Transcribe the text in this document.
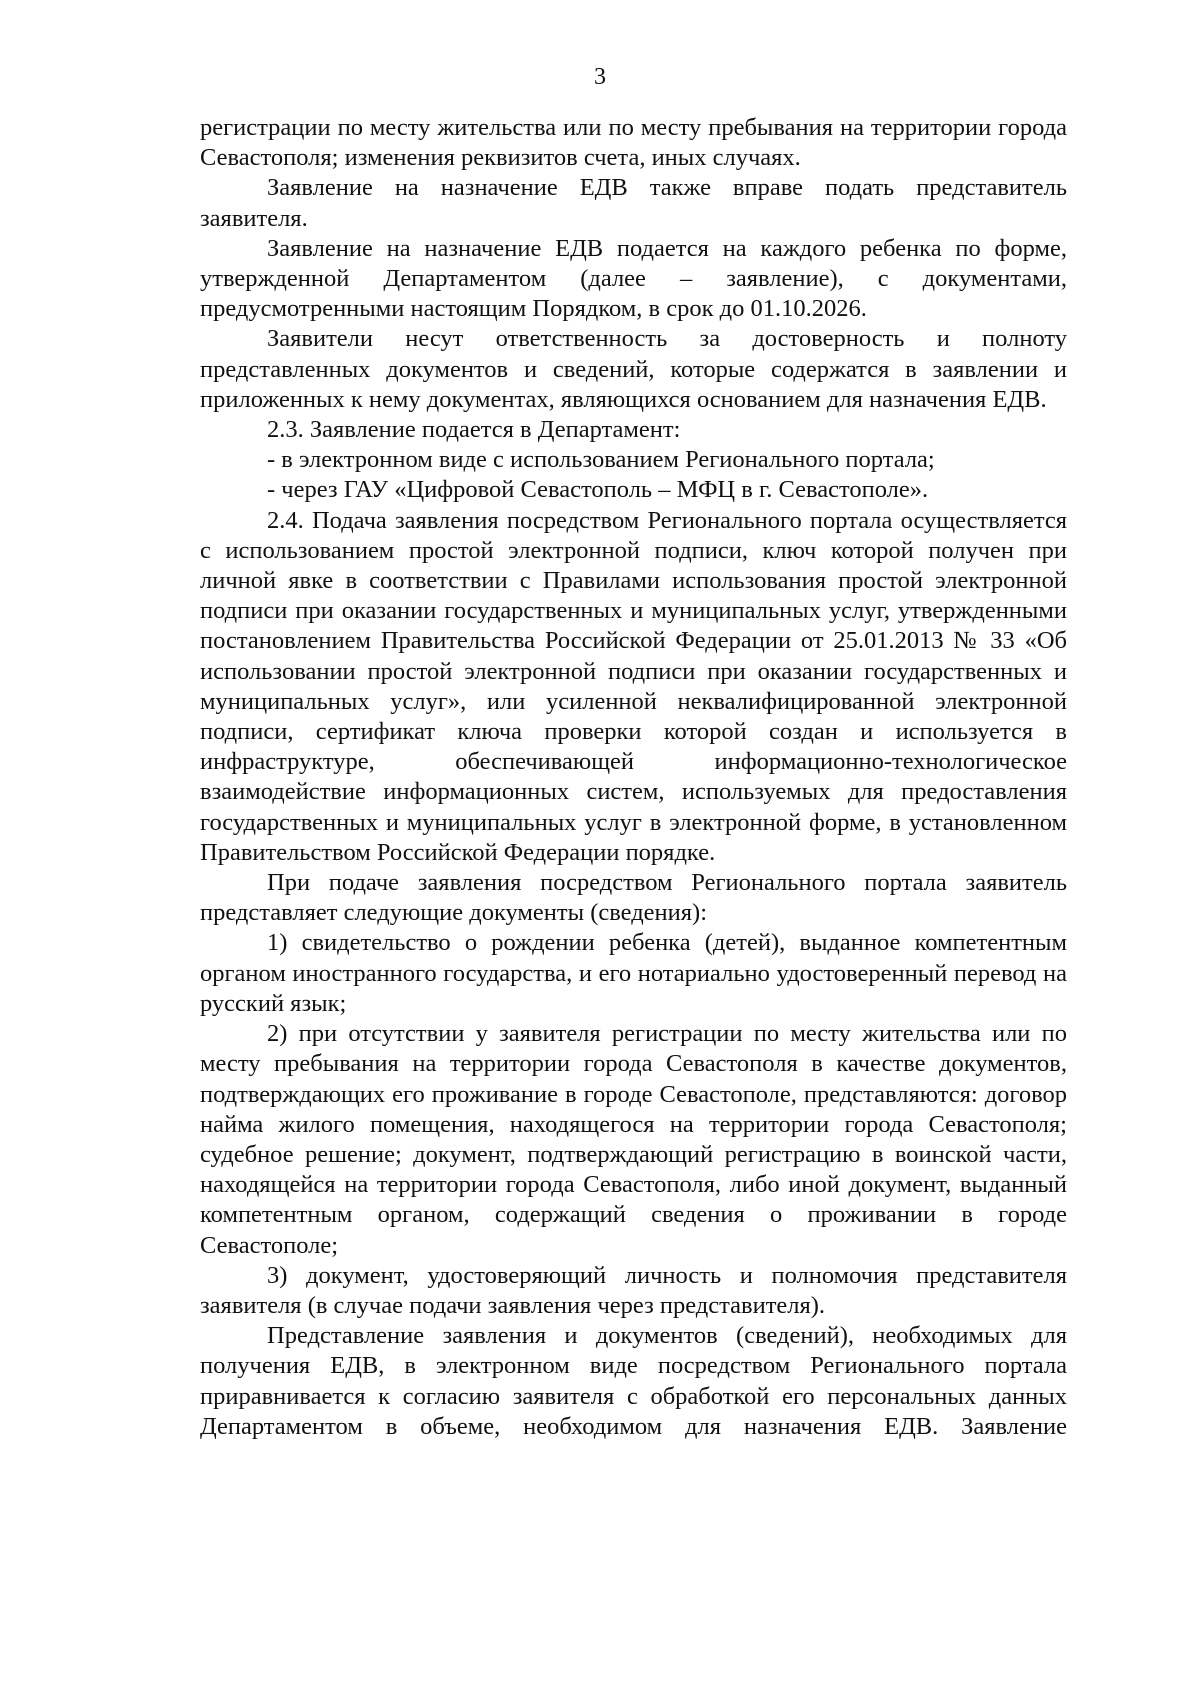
3

регистрации по месту жительства или по месту пребывания на территории города Севастополя; изменения реквизитов счета, иных случаях.

Заявление на назначение ЕДВ также вправе подать представитель заявителя.

Заявление на назначение ЕДВ подается на каждого ребенка по форме, утвержденной Департаментом (далее – заявление), с документами, предусмотренными настоящим Порядком, в срок до 01.10.2026.

Заявители несут ответственность за достоверность и полноту представленных документов и сведений, которые содержатся в заявлении и приложенных к нему документах, являющихся основанием для назначения ЕДВ.

2.3. Заявление подается в Департамент:

- в электронном виде с использованием Регионального портала;

- через ГАУ «Цифровой Севастополь – МФЦ в г. Севастополе».

2.4. Подача заявления посредством Регионального портала осуществляется с использованием простой электронной подписи, ключ которой получен при личной явке в соответствии с Правилами использования простой электронной подписи при оказании государственных и муниципальных услуг, утвержденными постановлением Правительства Российской Федерации от 25.01.2013 № 33 «Об использовании простой электронной подписи при оказании государственных и муниципальных услуг», или усиленной неквалифицированной электронной подписи, сертификат ключа проверки которой создан и используется в инфраструктуре, обеспечивающей информационно-технологическое взаимодействие информационных систем, используемых для предоставления государственных и муниципальных услуг в электронной форме, в установленном Правительством Российской Федерации порядке.

При подаче заявления посредством Регионального портала заявитель представляет следующие документы (сведения):

1) свидетельство о рождении ребенка (детей), выданное компетентным органом иностранного государства, и его нотариально удостоверенный перевод на русский язык;

2) при отсутствии у заявителя регистрации по месту жительства или по месту пребывания на территории города Севастополя в качестве документов, подтверждающих его проживание в городе Севастополе, представляются: договор найма жилого помещения, находящегося на территории города Севастополя; судебное решение; документ, подтверждающий регистрацию в воинской части, находящейся на территории города Севастополя, либо иной документ, выданный компетентным органом, содержащий сведения о проживании в городе Севастополе;

3) документ, удостоверяющий личность и полномочия представителя заявителя (в случае подачи заявления через представителя).

Представление заявления и документов (сведений), необходимых для получения ЕДВ, в электронном виде посредством Регионального портала приравнивается к согласию заявителя с обработкой его персональных данных Департаментом в объеме, необходимом для назначения ЕДВ. Заявление
